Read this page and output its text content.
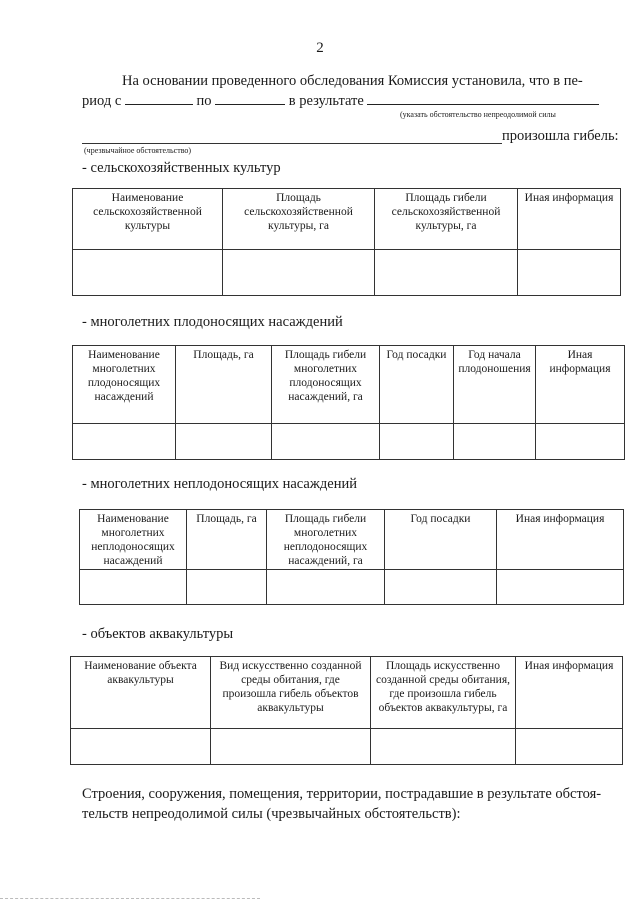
2
На основании проведенного обследования Комиссия установила, что в пе-
риод с	по	в результате
(указать обстоятельство непреодолимой силы
(чрезвычайное обстоятельство)
произошла гибель:
- сельскохозяйственных культур
Наименование сельскохозяйственной культуры	Площадь сельскохозяйственной культуры, га	Площадь гибели сельскохозяйственной культуры, га	Иная информация

- многолетних плодоносящих насаждений
Наименование многолетних плодоносящих насаждений	Площадь, га	Площадь гибели многолетних плодоносящих насаждений, га	Год посадки	Год начала плодоношения	Иная информация

- многолетних неплодоносящих насаждений
Наименование многолетних неплодоносящих насаждений	Площадь, га	Площадь гибели многолетних неплодоносящих насаждений, га	Год посадки	Иная информация

- объектов аквакультуры
Наименование объекта аквакультуры	Вид искусственно созданной среды обитания, где произошла гибель объектов аквакультуры	Площадь искусственно созданной среды обитания, где произошла гибель объектов аквакультуры, га	Иная информация

Строения, сооружения, помещения, территории, пострадавшие в результате обстоя-
тельств непреодолимой силы (чрезвычайных обстоятельств):
